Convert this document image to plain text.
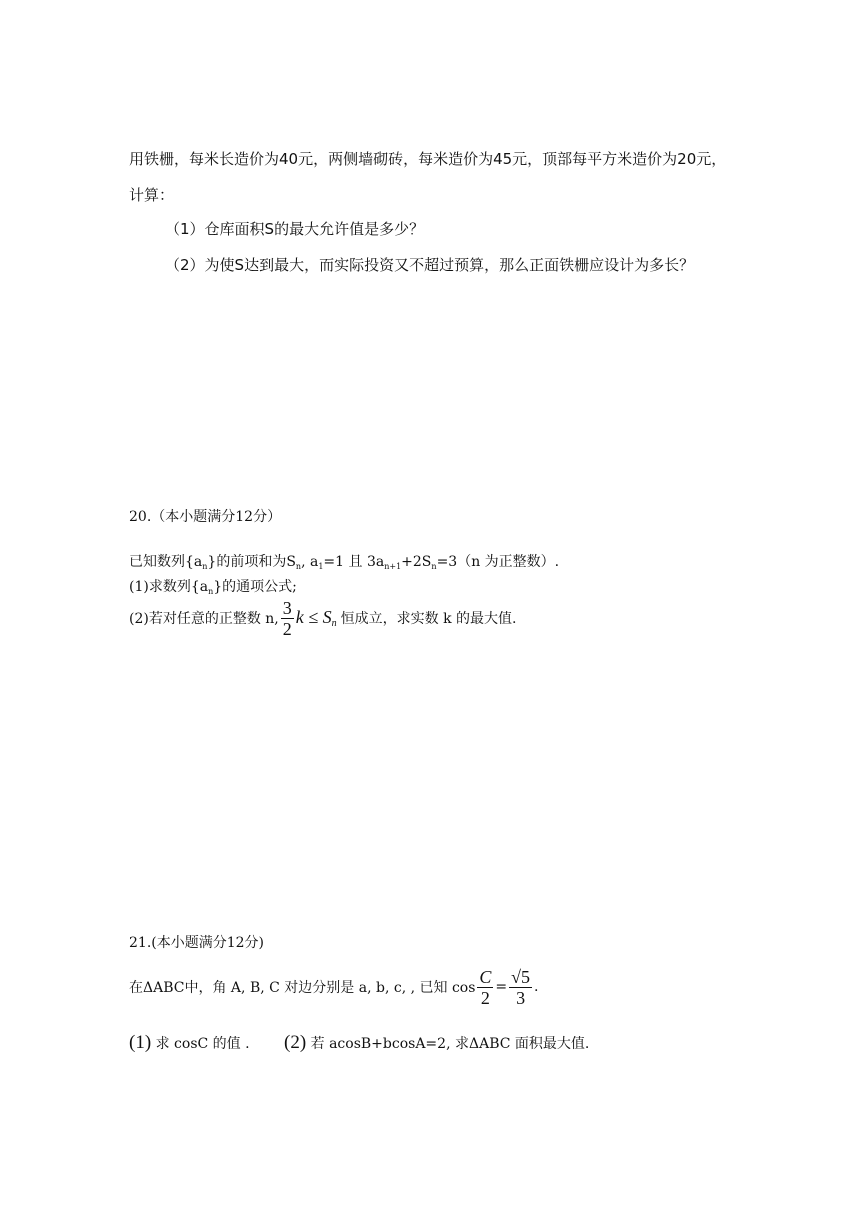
用铁栅，每米长造价为40元，两侧墙砌砖，每米造价为45元，顶部每平方米造价为20元，
计算：
（1）仓库面积S的最大允许值是多少？
（2）为使S达到最大，而实际投资又不超过预算，那么正面铁栅应设计为多长？
20.（本小题满分12分）
已知数列$\{a_n\}$的前项和为$S_n$, $a_1=1$ 且 $3a_{n+1}+2S_n=3(n$ 为正整数）.
(1)求数列$\{a_n\}$的通项公式;
(2)若对任意的正整数 n, $\frac{3}{2}$ $k \le S_n$ 恒成立，求实数 k 的最大值.
21.(本小题满分12分)
在ΔABC中，角 A, B, C 对边分别是 a, b, c, , 已知 $\cos \frac{C}{2} = \frac{√5}{3}$ .
(1) 求 cosC 的值 . (2) 若 acosB+bcosA=2, 求ΔABC 面积最大值.
